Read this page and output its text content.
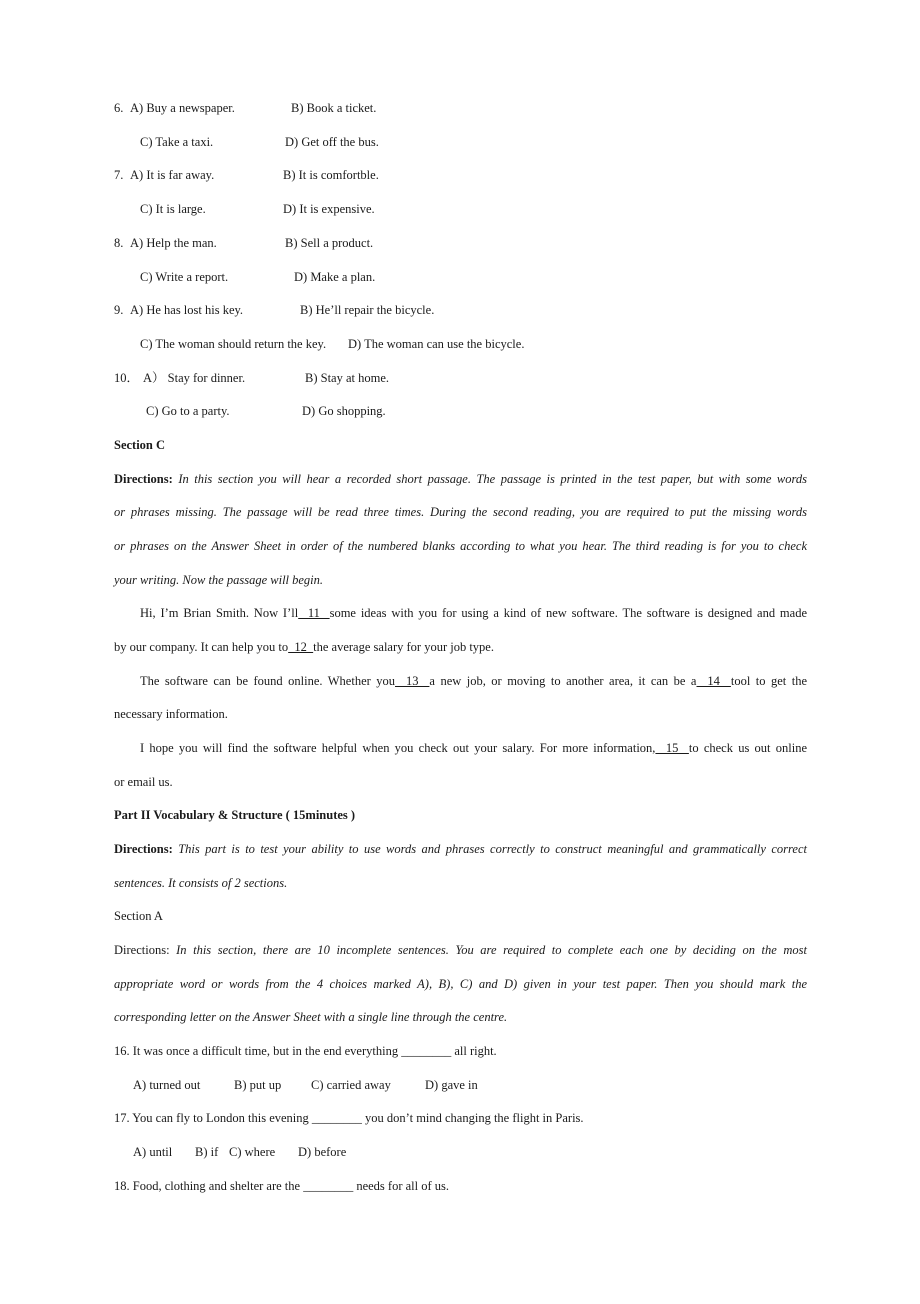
6. A) Buy a newspaper.	B) Book a ticket.
C) Take a taxi.	D) Get off the bus.
7. A) It is far away.	B) It is comfortble.
C) It is large.	D) It is expensive.
8. A) Help the man.	B) Sell a product.
C) Write a report.	D) Make a plan.
9. A) He has lost his key.	B) He’ll repair the bicycle.
C) The woman should return the key. D) The woman can use the bicycle.
10． A） Stay for dinner.	B) Stay at home.
C) Go to a party.	D) Go shopping.
Section C
Directions: In this section you will hear a recorded short passage. The passage is printed in the test paper, but with some words
or phrases missing. The passage will be read three times. During the second reading, you are required to put the missing words
or phrases on the Answer Sheet in order of the numbered blanks according to what you hear. The third reading is for you to check
your writing. Now the passage will begin.
Hi, I’m Brian Smith. Now I’ll  11  some ideas with you for using a kind of new software. The software is designed and made
by our company. It can help you to  12  the average salary for your job type.
The software can be found online. Whether you  13  a new job, or moving to another area, it can be a  14  tool to get the
necessary information.
I hope you will find the software helpful when you check out your salary. For more information,  15  to check us out online
or email us.
Part II Vocabulary & Structure ( 15minutes )
Directions: This part is to test your ability to use words and phrases correctly to construct meaningful and grammatically correct
sentences. It consists of 2 sections.
Section A
Directions: In this section, there are 10 incomplete sentences. You are required to complete each one by deciding on the most
appropriate word or words from the 4 choices marked A), B), C) and D) given in your test paper. Then you should mark the
corresponding letter on the Answer Sheet with a single line through the centre.
16. It was once a difficult time, but in the end everything ________ all right.
A) turned out	B) put up C) carried away	D) gave in
17. You can fly to London this evening ________ you don’t mind changing the flight in Paris.
A) until B) if C) where D) before
18. Food, clothing and shelter are the ________ needs for all of us.
